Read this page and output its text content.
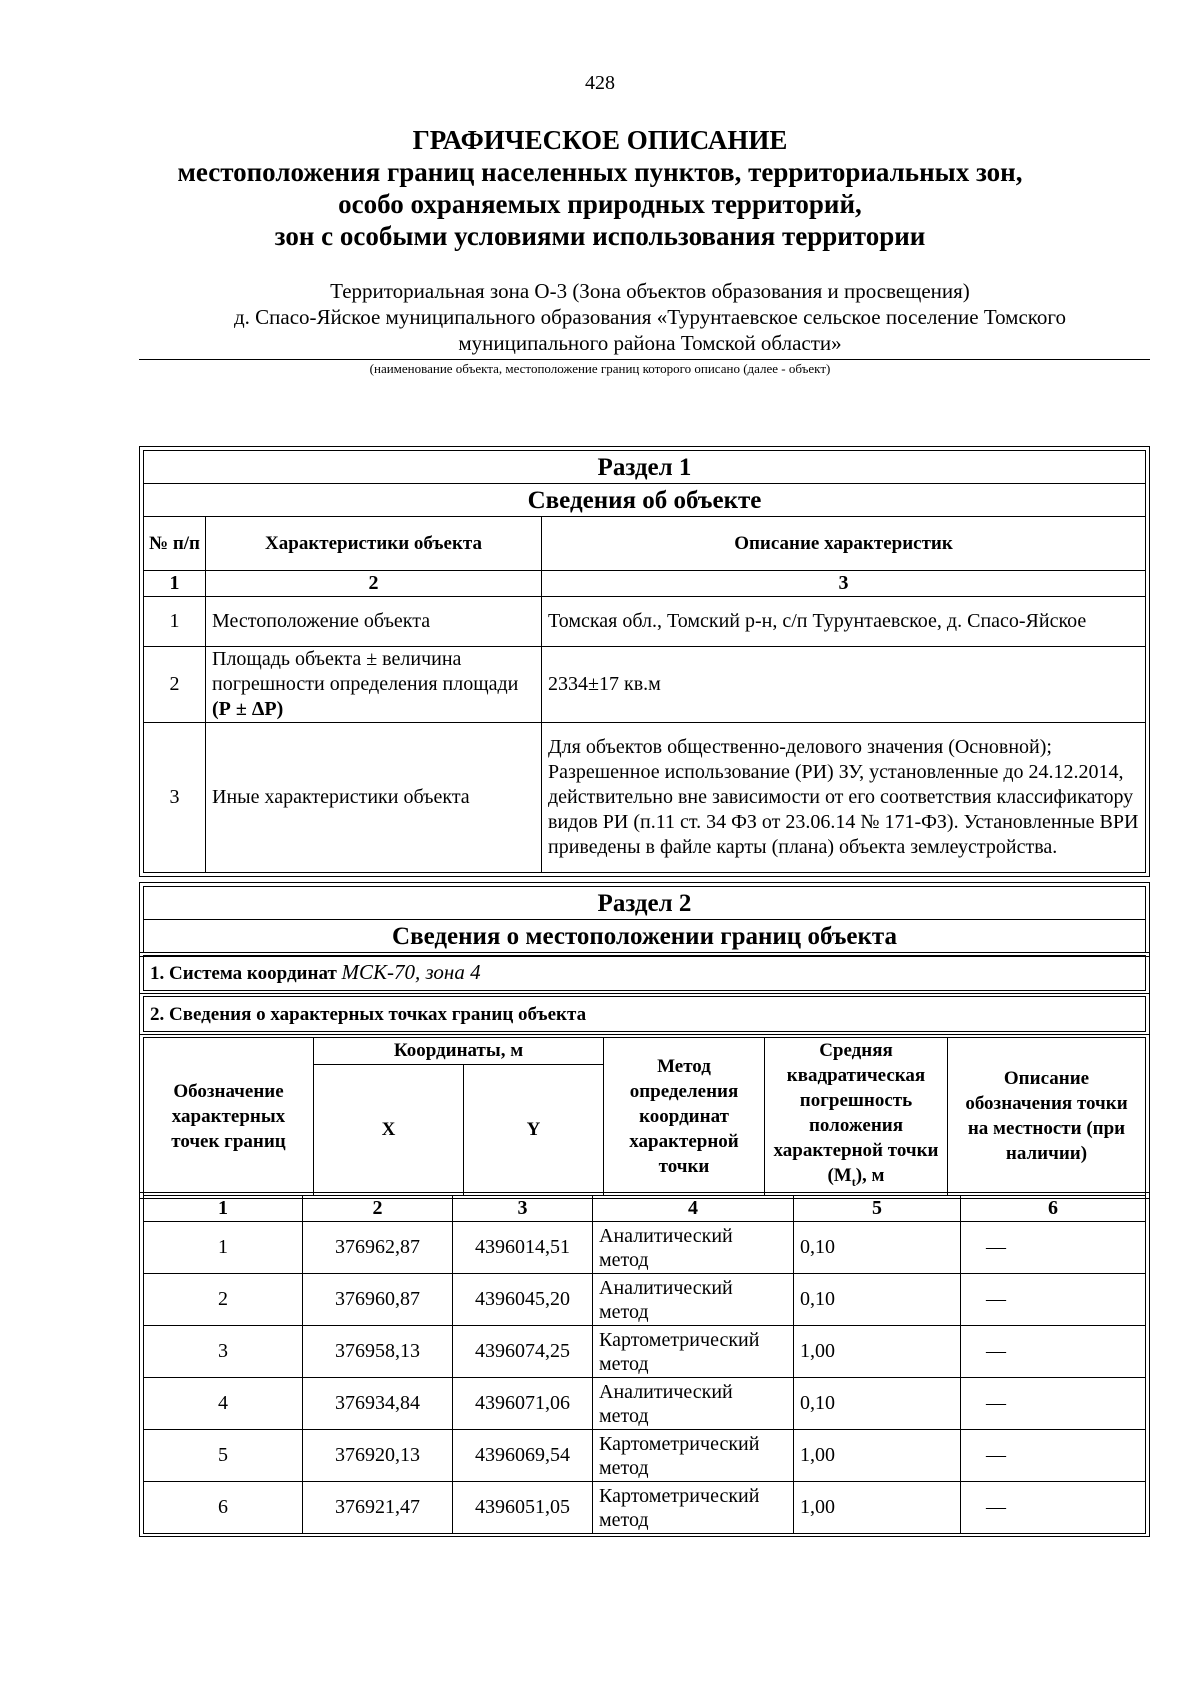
428
ГРАФИЧЕСКОЕ ОПИСАНИЕ
местоположения границ населенных пунктов, территориальных зон,
особо охраняемых природных территорий,
зон с особыми условиями использования территории
Территориальная зона О-3 (Зона объектов образования и просвещения)
д. Спасо-Яйское муниципального образования «Турунтаевское сельское поселение Томского
муниципального района Томской области»
(наименование объекта, местоположение границ которого описано (далее - объект)
Раздел 1		
Сведения об объекте		
№ п/п	Характеристики объекта	Описание характеристик
1	2	3
1	Местоположение объекта	Томская обл., Томский р-н, с/п Турунтаевское, д. Спасо-Яйское
2	Площадь объекта ± величина погрешности определения площади (Р ± ΔР)	2334±17 кв.м
3	Иные характеристики объекта	Для объектов общественно-делового значения (Основной); Разрешенное использование (РИ) ЗУ, установленные до 24.12.2014, действительно вне зависимости от его соответствия классификатору видов РИ (п.11 ст. 34 ФЗ от 23.06.14 № 171-ФЗ). Установленные ВРИ приведены в файле карты (плана) объекта землеустройства.
Раздел 2
Сведения о местоположении границ объекта
1. Система координат МСК-70, зона 4
2. Сведения о характерных точках границ объекта
Обозначение характерных точек границ	Координаты, м		Метод определения координат характерной точки	Средняя квадратическая погрешность положения характерной точки $(М_t)$, м	Описание обозначения точки на местности (при наличии)
	X	Y			
1	2	3	4	5	6
1	376962,87	4396014,51	Аналитический метод	0,10	—
2	376960,87	4396045,20	Аналитический метод	0,10	—
3	376958,13	4396074,25	Картометрический метод	1,00	—
4	376934,84	4396071,06	Аналитический метод	0,10	—
5	376920,13	4396069,54	Картометрический метод	1,00	—
6	376921,47	4396051,05	Картометрический метод	1,00	—
